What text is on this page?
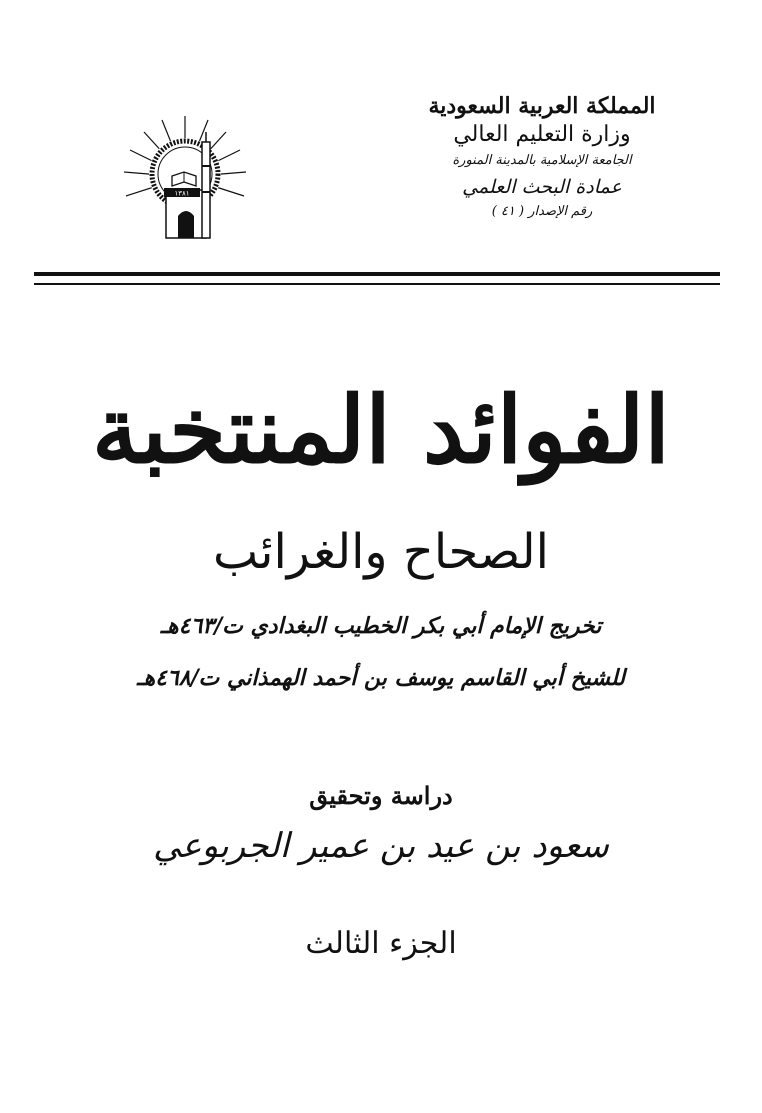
المملكة العربية السعودية
وزارة التعليم العالي
الجامعة الإسلامية بالمدينة المنورة
عمادة البحث العلمي
رقم الإصدار ( ٤١ )
١٣٨١
الفوائد المنتخبة
الصحاح والغرائب
تخريج الإمام أبي بكر الخطيب البغدادي ت/٤٦٣هـ
للشيخ أبي القاسم يوسف بن أحمد الهمذاني ت/٤٦٨هـ
دراسة وتحقيق
سعود بن عيد بن عمير الجربوعي
الجزء الثالث
